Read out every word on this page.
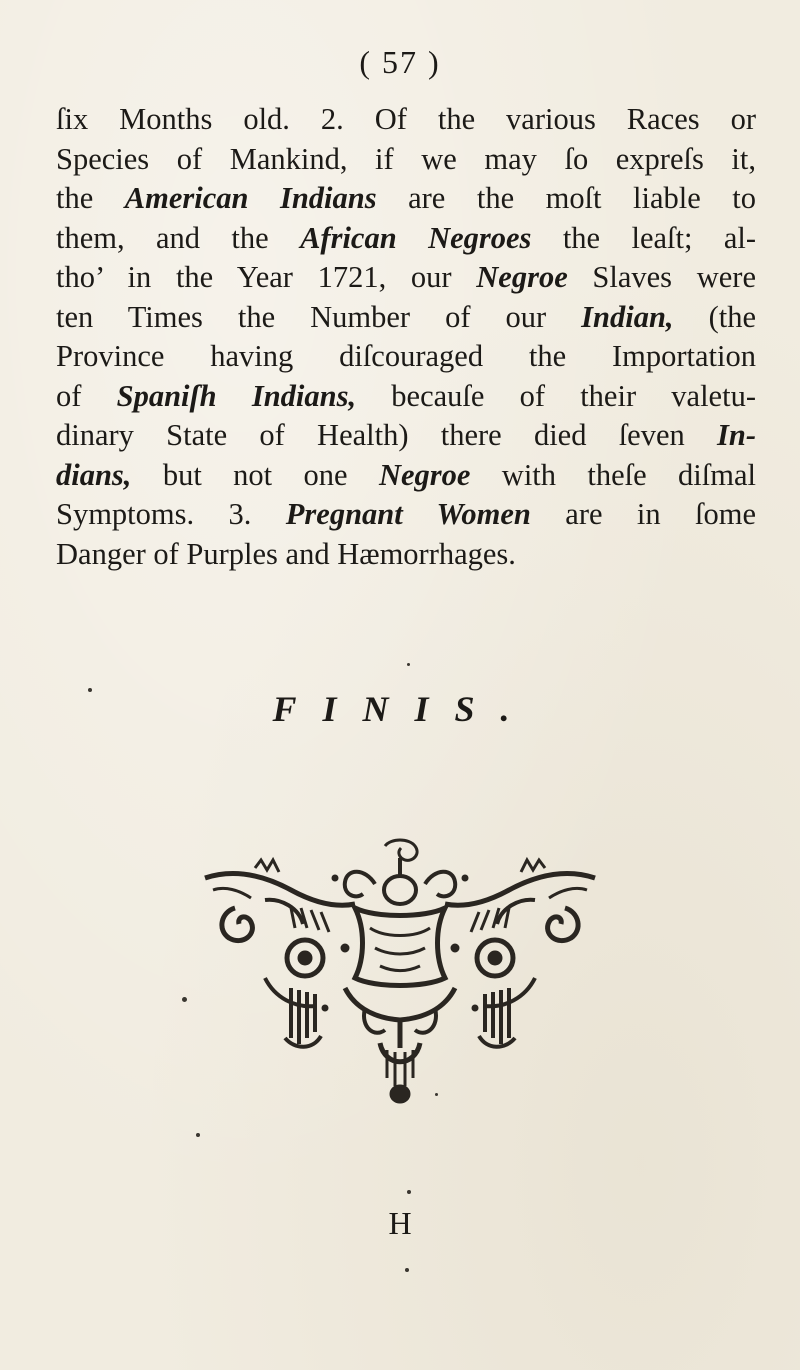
( 57 )
ſix Months old. 2. Of the various Races or
Species of Mankind, if we may ſo expreſs it,
the American Indians are the moſt liable to
them, and the African Negroes the leaſt; al-
tho’ in the Year 1721, our Negroe Slaves were
ten Times the Number of our Indian, (the
Province having diſcouraged the Importation
of Spaniſh Indians, becauſe of their valetu-
dinary State of Health) there died ſeven In-
dians, but not one Negroe with theſe diſmal
Symptoms. 3. Pregnant Women are in ſome
Danger of Purples and Hæmorrhages.
FINIS.
H
